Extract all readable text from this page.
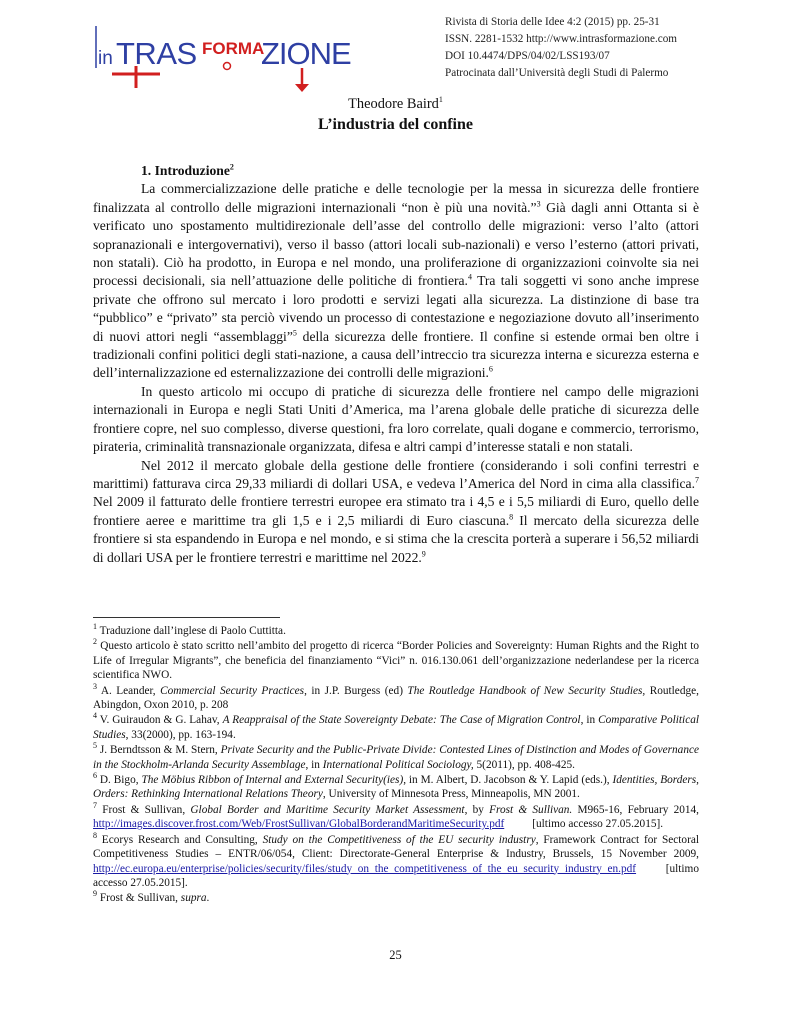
in TRAS FORMA
ZIONE
Rivista di Storia delle Idee 4:2 (2015) pp. 25-31
ISSN. 2281-1532 http://www.intrasformazione.com
DOI 10.4474/DPS/04/02/LSS193/07
Patrocinata dall’Università degli Studi di Palermo
Theodore Baird$^1$
L’industria del confine
1. Introduzione$^2$

La commercializzazione delle pratiche e delle tecnologie per la messa in sicurezza delle frontiere finalizzata al controllo delle migrazioni internazionali “non è più una novità.”$^3$ Già dagli anni Ottanta si è verificato uno spostamento multidirezionale dell’asse del controllo delle migrazioni: verso l’alto (attori sopranazionali e intergovernativi), verso il basso (attori locali sub-nazionali) e verso l’esterno (attori privati, non statali). Ciò ha prodotto, in Europa e nel mondo, una proliferazione di organizzazioni coinvolte sia nei processi decisionali, sia nell’attuazione delle politiche di frontiera.$^4$ Tra tali soggetti vi sono anche imprese private che offrono sul mercato i loro prodotti e servizi legati alla sicurezza. La distinzione di base tra “pubblico” e “privato” sta perciò vivendo un processo di contestazione e negoziazione dovuto all’inserimento di nuovi attori negli “assemblaggi”$^5$ della sicurezza delle frontiere. Il confine si estende ormai ben oltre i tradizionali confini politici degli stati-nazione, a causa dell’intreccio tra sicurezza interna e sicurezza esterna e dell’internalizzazione ed esternalizzazione dei controlli delle migrazioni.$^6$

In questo articolo mi occupo di pratiche di sicurezza delle frontiere nel campo delle migrazioni internazionali in Europa e negli Stati Uniti d’America, ma l’arena globale delle pratiche di sicurezza delle frontiere copre, nel suo complesso, diverse questioni, fra loro correlate, quali dogane e commercio, terrorismo, pirateria, criminalità transnazionale organizzata, difesa e altri campi d’interesse statali e non statali.

Nel 2012 il mercato globale della gestione delle frontiere (considerando i soli confini terrestri e marittimi) fatturava circa 29,33 miliardi di dollari USA, e vedeva l’America del Nord in cima alla classifica.$^7$ Nel 2009 il fatturato delle frontiere terrestri europee era stimato tra i 4,5 e i 5,5 miliardi di Euro, quello delle frontiere aeree e marittime tra gli 1,5 e i 2,5 miliardi di Euro ciascuna.$^8$ Il mercato della sicurezza delle frontiere si sta espandendo in Europa e nel mondo, e si stima che la crescita porterà a superare i 56,52 miliardi di dollari USA per le frontiere terrestri e marittime nel 2022.$^9$

$^1$ Traduzione dall’inglese di Paolo Cuttitta.
$^2$ Questo articolo è stato scritto nell’ambito del progetto di ricerca “Border Policies and Sovereignty: Human Rights and the Right to Life of Irregular Migrants”, che beneficia del finanziamento “Vici” n. 016.130.061 dell’organizzazione nederlandese per la ricerca scientifica NWO.
$^3$ A. Leander, Commercial Security Practices, in J.P. Burgess (ed) The Routledge Handbook of New Security Studies, Routledge, Abingdon, Oxon 2010, p. 208
$^4$ V. Guiraudon & G. Lahav, A Reappraisal of the State Sovereignty Debate: The Case of Migration Control, in Comparative Political Studies, 33(2000), pp. 163-194.
$^5$ J. Berndtsson & M. Stern, Private Security and the Public-Private Divide: Contested Lines of Distinction and Modes of Governance in the Stockholm-Arlanda Security Assemblage, in International Political Sociology, 5(2011), pp. 408-425.
$^6$ D. Bigo, The Möbius Ribbon of Internal and External Security(ies), in M. Albert, D. Jacobson & Y. Lapid (eds.), Identities, Borders, Orders: Rethinking International Relations Theory, University of Minnesota Press, Minneapolis, MN 2001.
$^7$ Frost & Sullivan, Global Border and Maritime Security Market Assessment, by Frost & Sullivan. M965-16, February 2014, http://images.discover.frost.com/Web/FrostSullivan/GlobalBorderandMaritimeSecurity.pdf [ultimo accesso 27.05.2015].
$^8$ Ecorys Research and Consulting, Study on the Competitiveness of the EU security industry, Framework Contract for Sectoral Competitiveness Studies – ENTR/06/054, Client: Directorate-General Enterprise & Industry, Brussels, 15 November 2009, http://ec.europa.eu/enterprise/policies/security/files/study_on_the_competitiveness_of_the_eu_security_industry_en.pdf [ultimo accesso 27.05.2015].
$^9$ Frost & Sullivan, supra.
25
